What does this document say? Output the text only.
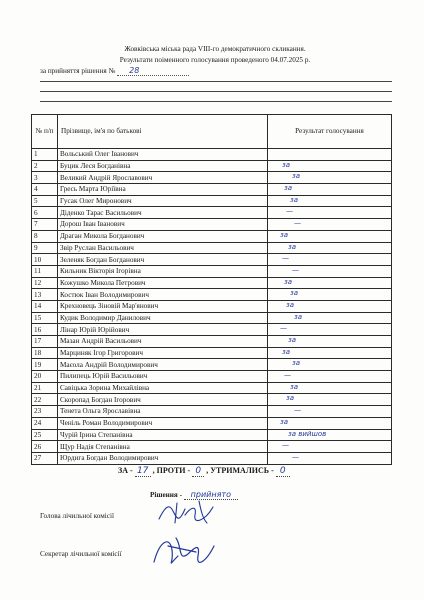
Жовківська міська рада VIII-го демократичного скликання.
Результати поіменного голосування проведеного 04.07.2025 р.
за прийняття рішення № 28
№ п/п	Прізвище, ім'я по батькові	Результат голосування
1	Вольський Олег Іванович	

2	Буцик Леся Богданівна	за

3	Великий Андрій Ярославович	за

4	Гресь Марта Юріївна	за

5	Гусак Олег Миронович	за

6	Діденко Тарас Васильович	—

7	Дорош Іван Іванович	—

8	Драган Микола Богданович	за

9	Звір Руслан Васильович	за

10	Зеленяк Богдан Богданович	—

11	Кильник Вікторія Ігорівна	—

12	Кожушко Микола Петрович	за

13	Костюк Іван Володимирович	за

14	Крехновець Зіновій Мар'янович	за

15	Кудик Володимир Данилович	за

16	Лінар Юрій Юрійович	—

17	Мазан Андрій Васильович	за

18	Марциняк Ігор Григорович	за

19	Маєола Андрій Володимирович	за

20	Пилипець Юрій Васильович	—

21	Савіцька Зорина Михайлівна	за

22	Скоропад Богдан Ігорович	за

23	Тенета Ольга Ярославівна	—

24	Ченіль Роман Володимирович	за

25	Чурій Ірина Степанівна	за вийшов

26	Щур Надія Степанівна	—

27	Юрдига Богдан Володимирович	—
ЗА - 17 , ПРОТИ - 0 , УТРИМАЛИСЬ - 0
Рішення - прийнято
Голова лічильної комісії
Секретар лічильної комісії
